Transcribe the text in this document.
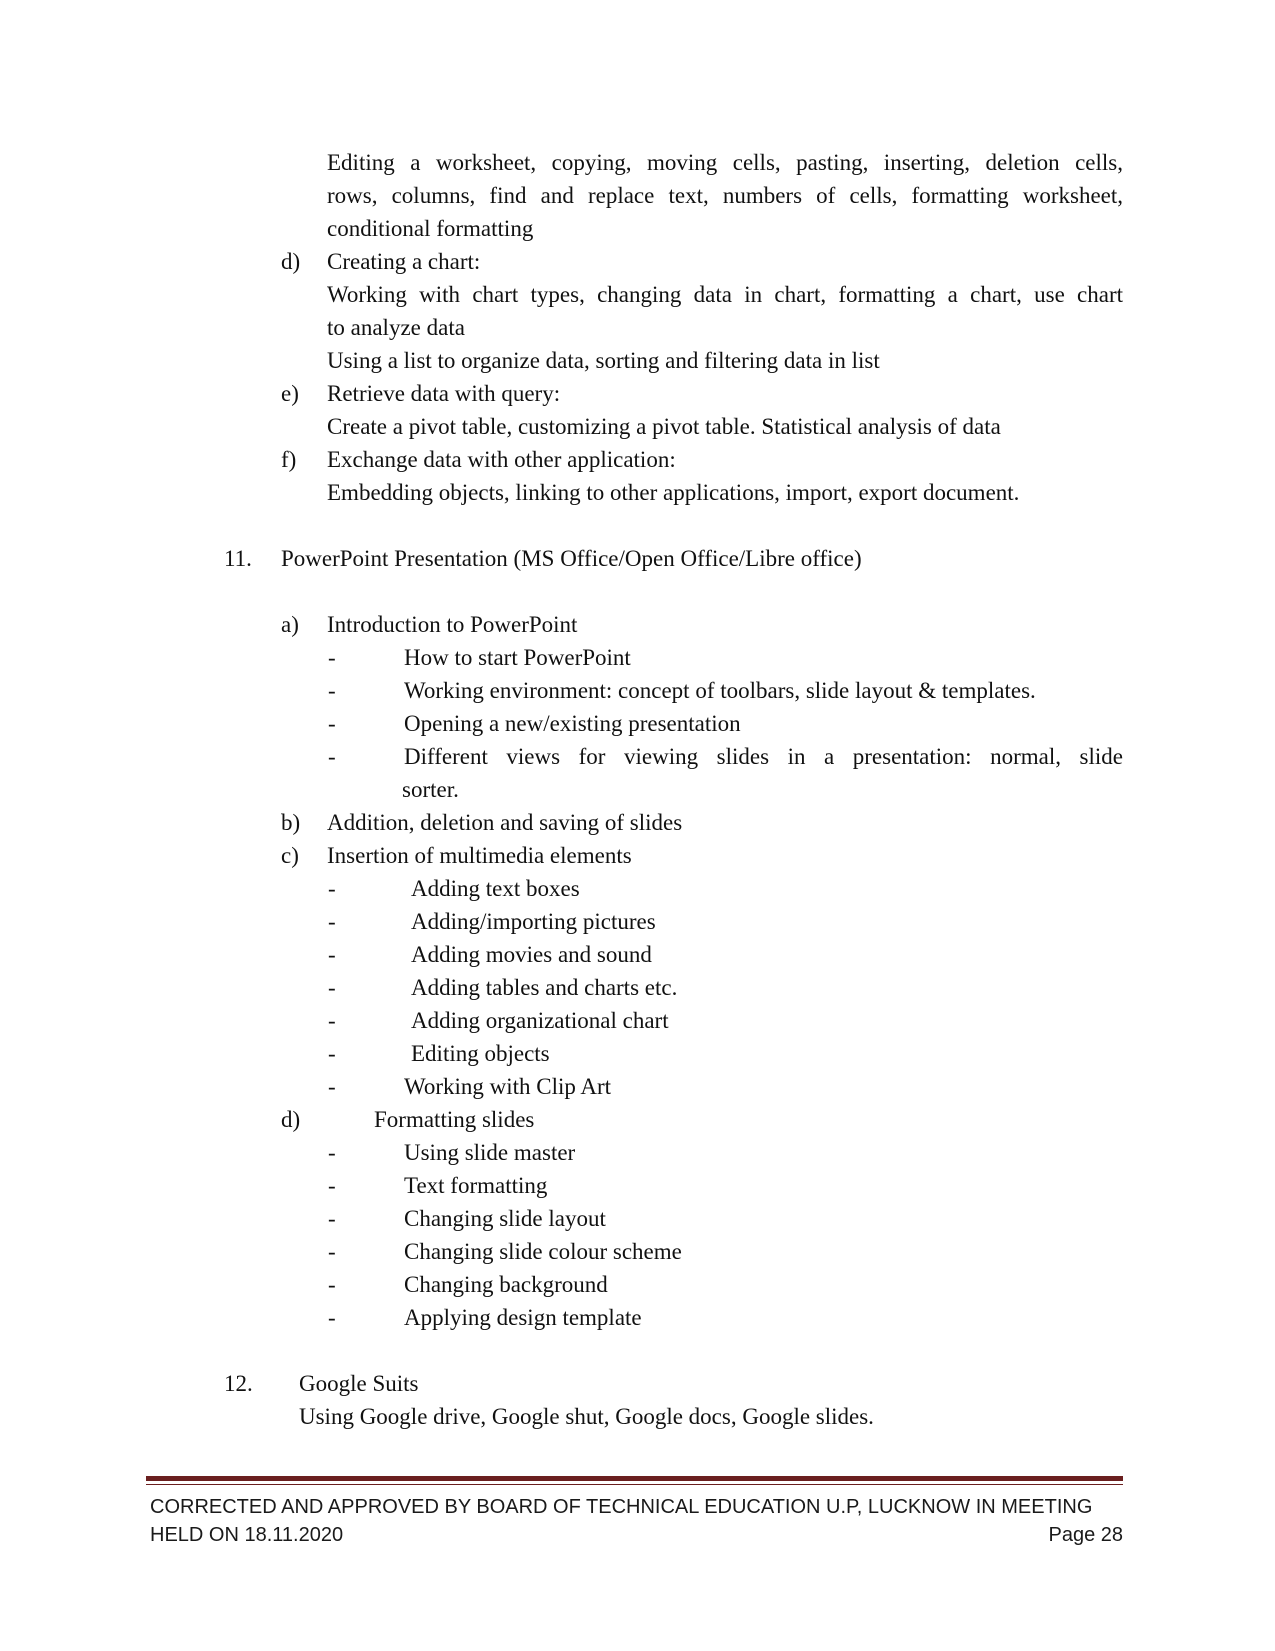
Editing a worksheet, copying, moving cells, pasting, inserting, deletion cells,
rows, columns, find and replace text, numbers of cells, formatting worksheet,
conditional formatting
d) Creating a chart:
Working with chart types, changing data in chart, formatting a chart, use chart
to analyze data
Using a list to organize data, sorting and filtering data in list
e) Retrieve data with query:
Create a pivot table, customizing a pivot table. Statistical analysis of data
f) Exchange data with other application:
Embedding objects, linking to other applications, import, export document.
11. PowerPoint Presentation (MS Office/Open Office/Libre office)
a) Introduction to PowerPoint
-	How to start PowerPoint
-	Working environment: concept of toolbars, slide layout & templates.
-	Opening a new/existing presentation
-	Different views for viewing slides in a presentation: normal, slide
sorter.
b) Addition, deletion and saving of slides
c) Insertion of multimedia elements
-	Adding text boxes
-	Adding/importing pictures
-	Adding movies and sound
-	Adding tables and charts etc.
-	Adding organizational chart
-	Editing objects
-	Working with Clip Art
d)	Formatting slides
-	Using slide master
-	Text formatting
-	Changing slide layout
-	Changing slide colour scheme
-	Changing background
-	Applying design template
12. Google Suits
Using Google drive, Google shut, Google docs, Google slides.
CORRECTED AND APPROVED BY BOARD OF TECHNICAL EDUCATION U.P, LUCKNOW IN MEETING
HELD ON 18.11.2020	Page 28
